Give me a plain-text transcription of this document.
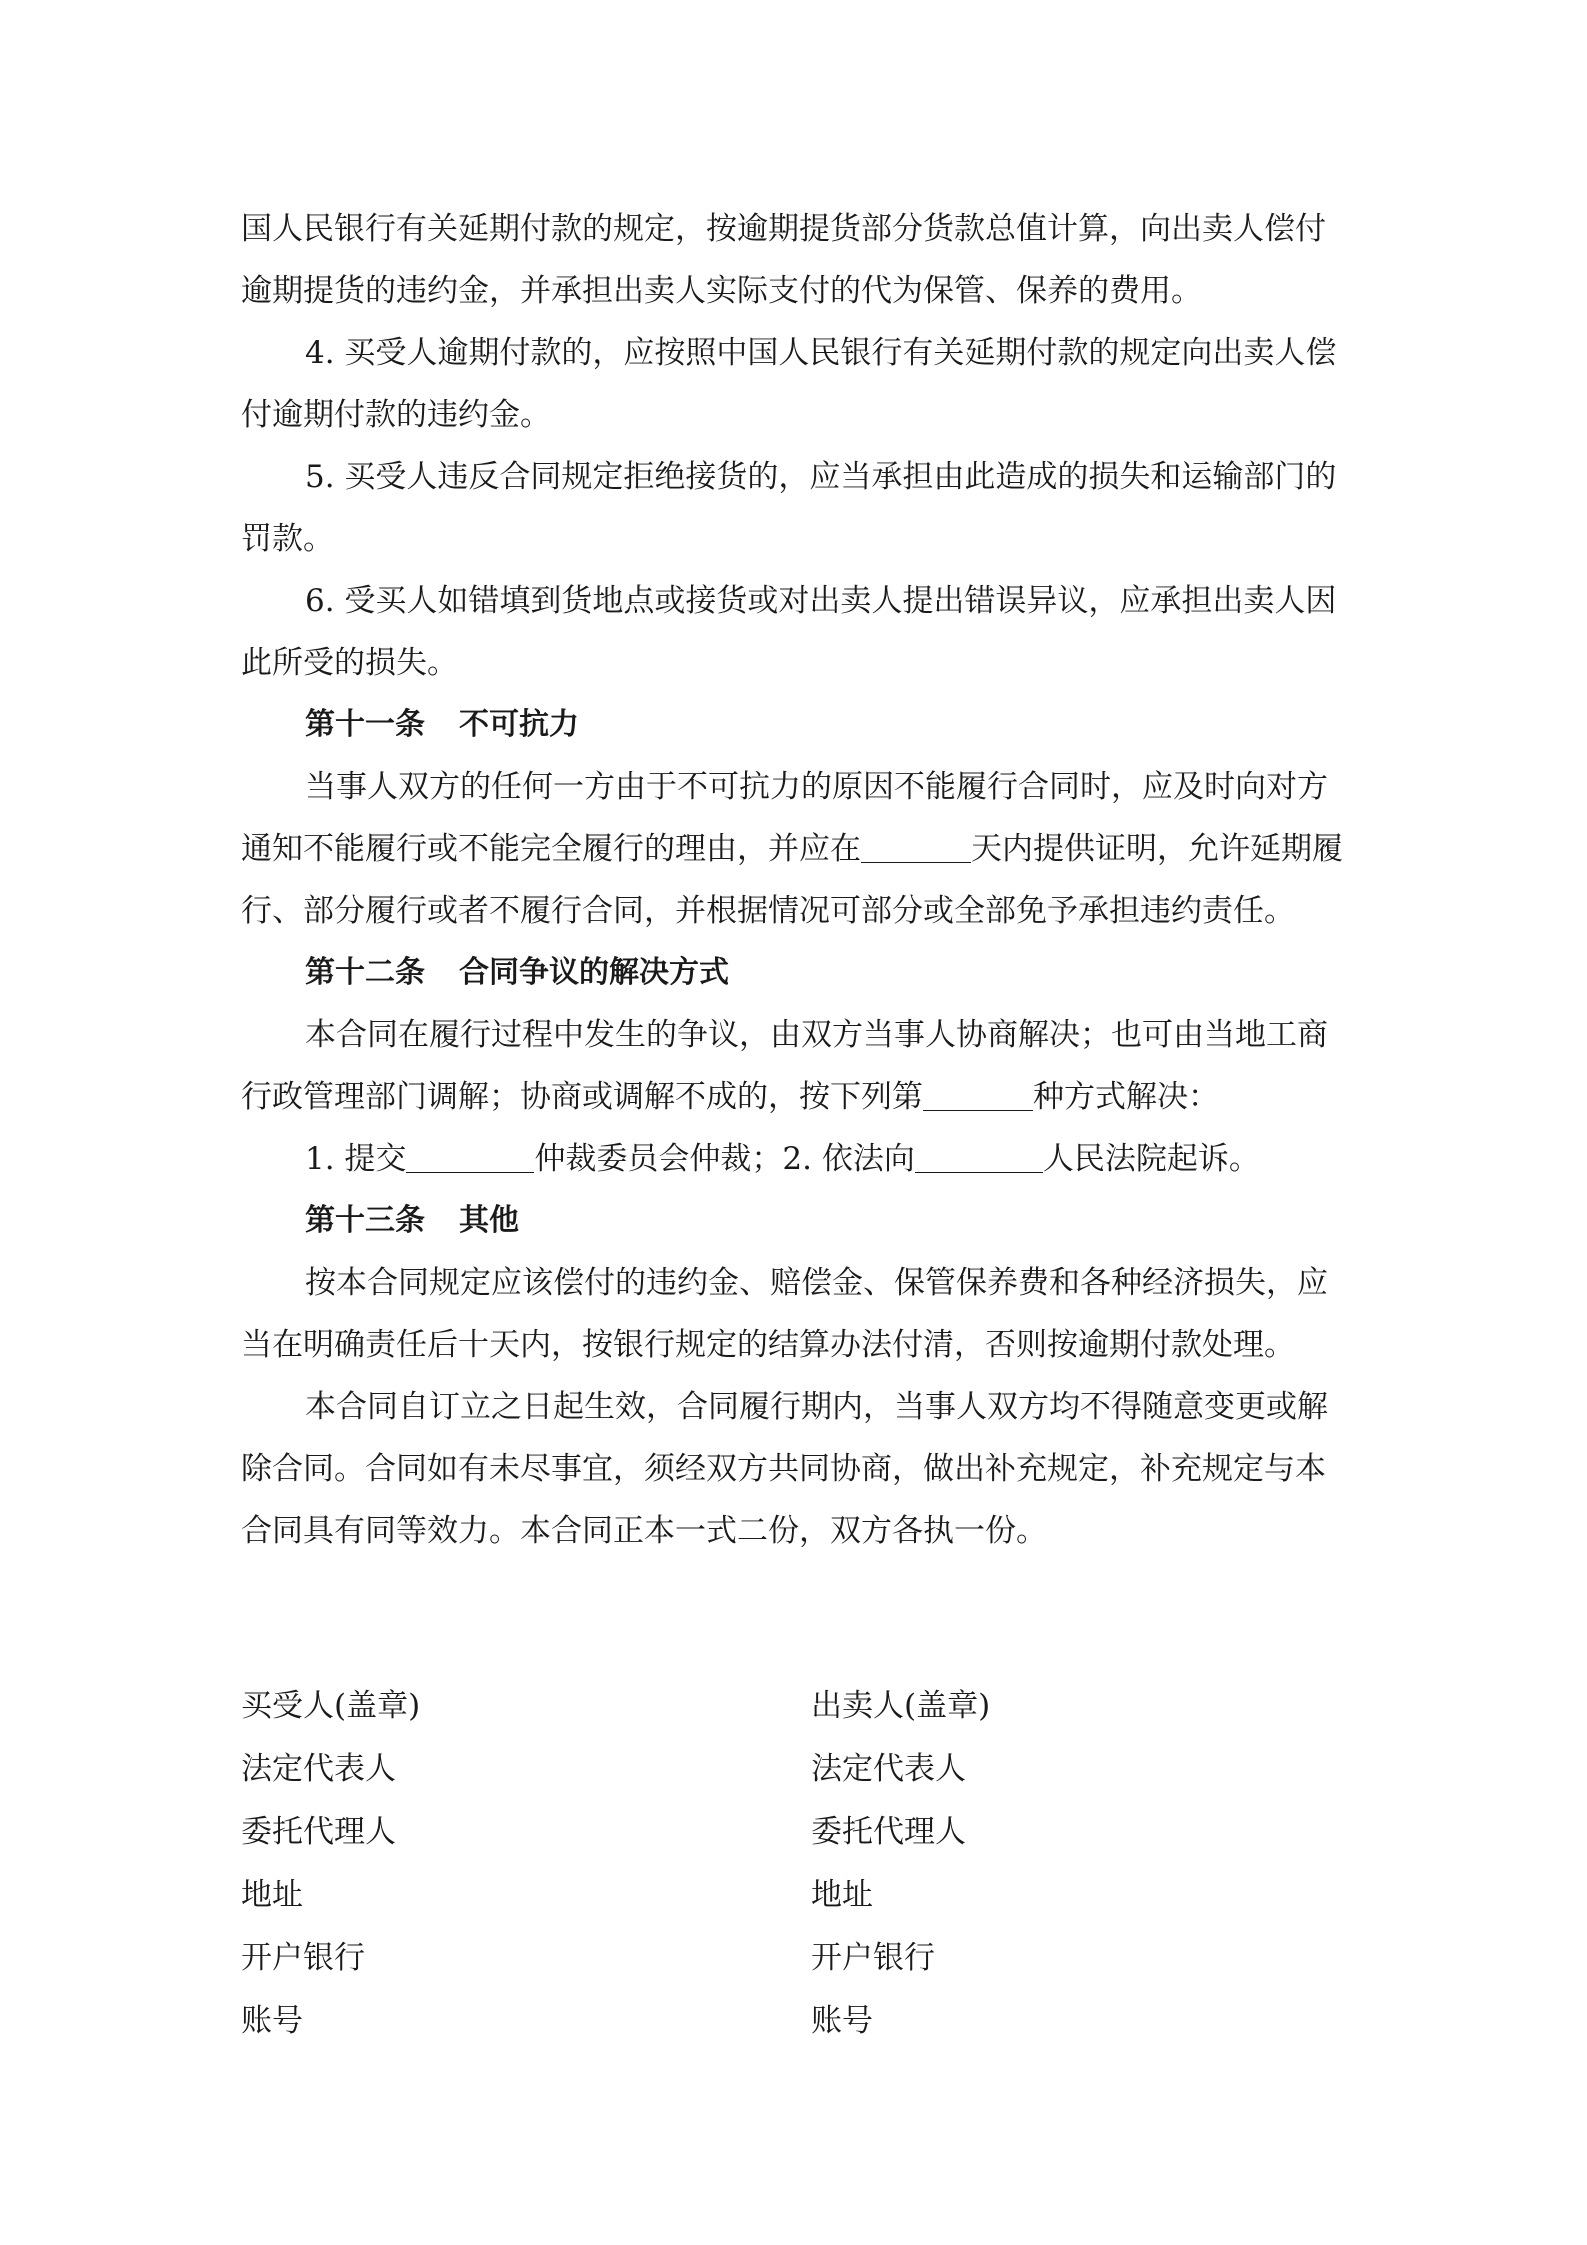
国人民银行有关延期付款的规定，按逾期提货部分货款总值计算，向出卖人偿付逾期提货的违约金，并承担出卖人实际支付的代为保管、保养的费用。

4. 买受人逾期付款的，应按照中国人民银行有关延期付款的规定向出卖人偿付逾期付款的违约金。

5. 买受人违反合同规定拒绝接货的，应当承担由此造成的损失和运输部门的罚款。

6. 受买人如错填到货地点或接货或对出卖人提出错误异议，应承担出卖人因此所受的损失。

第十一条 不可抗力

当事人双方的任何一方由于不可抗力的原因不能履行合同时，应及时向对方通知不能履行或不能完全履行的理由，并应在	天内提供证明，允许延期履行、部分履行或者不履行合同，并根据情况可部分或全部免予承担违约责任。

第十二条 合同争议的解决方式

本合同在履行过程中发生的争议，由双方当事人协商解决；也可由当地工商行政管理部门调解；协商或调解不成的，按下列第	种方式解决：

1. 提交	仲裁委员会仲裁；2. 依法向	人民法院起诉。

第十三条 其他

按本合同规定应该偿付的违约金、赔偿金、保管保养费和各种经济损失，应当在明确责任后十天内，按银行规定的结算办法付清，否则按逾期付款处理。

本合同自订立之日起生效，合同履行期内，当事人双方均不得随意变更或解除合同。合同如有未尽事宜，须经双方共同协商，做出补充规定，补充规定与本合同具有同等效力。本合同正本一式二份，双方各执一份。

买受人(盖章)	出卖人(盖章)
法定代表人	法定代表人
委托代理人	委托代理人
地址	地址
开户银行	开户银行
账号	账号
